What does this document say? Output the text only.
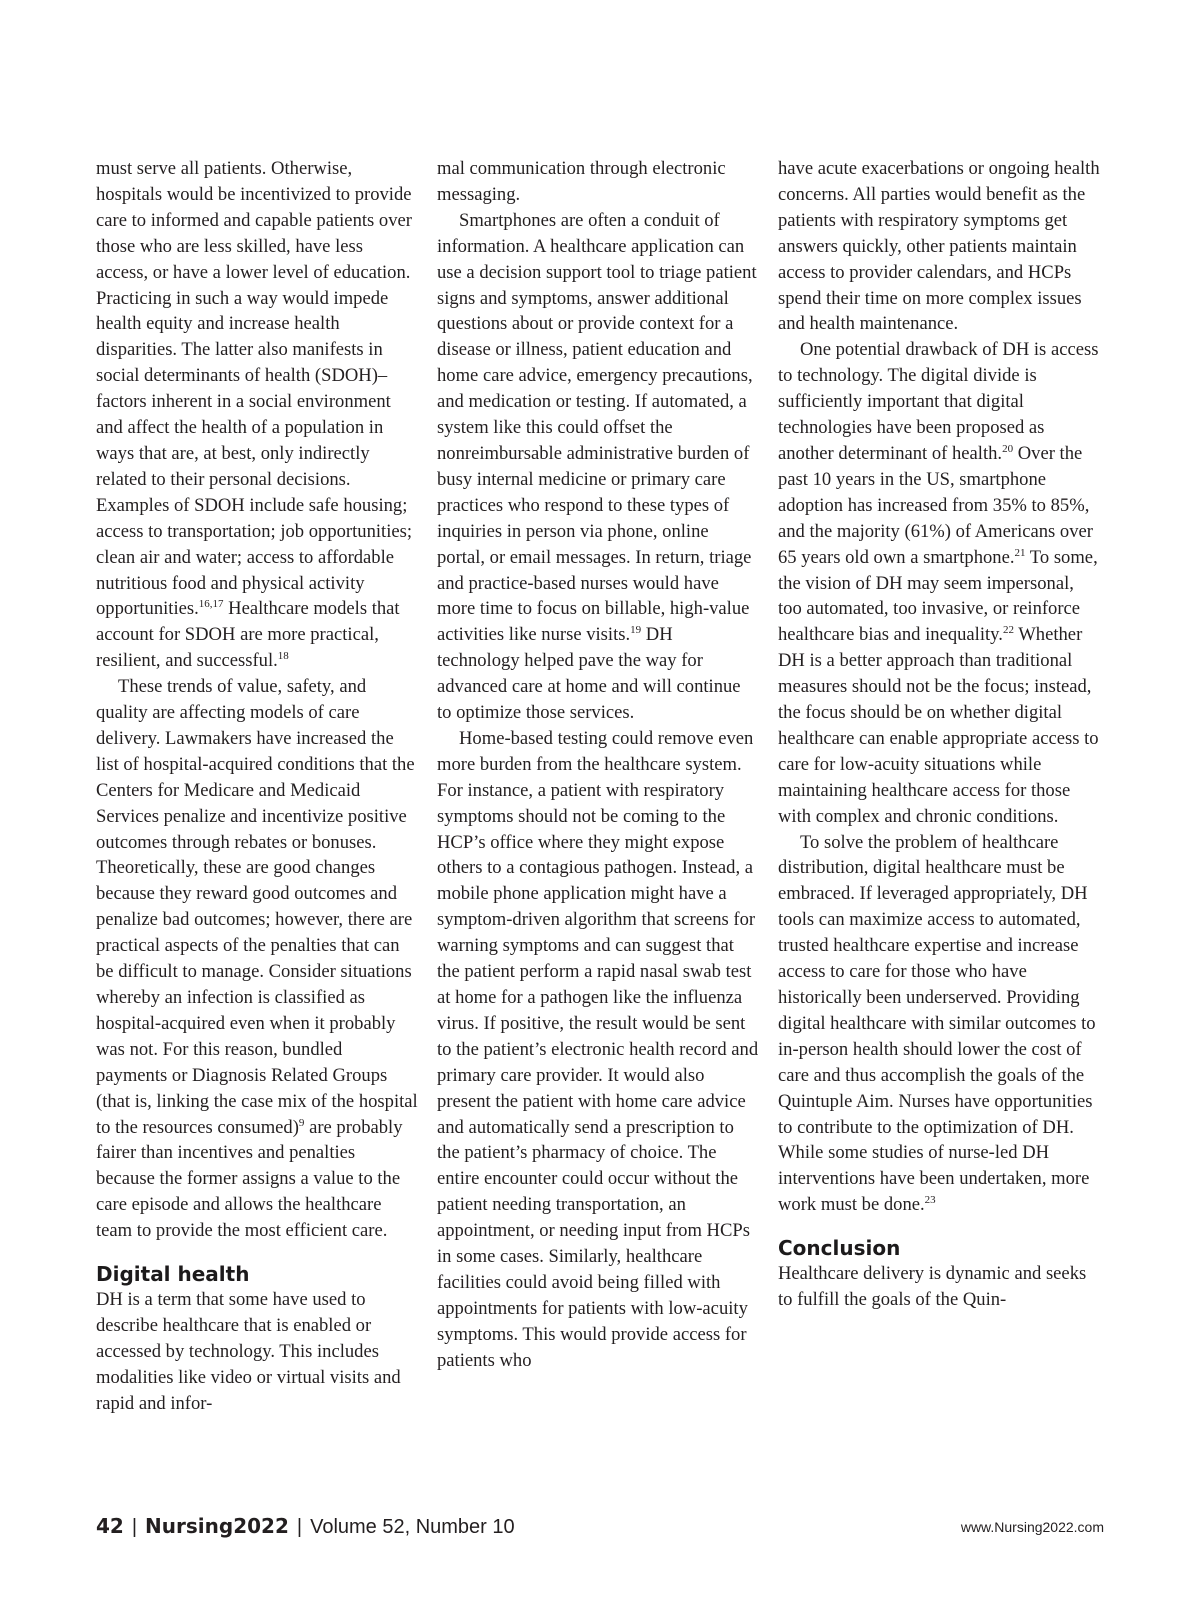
must serve all patients. Otherwise, hospitals would be incentivized to provide care to informed and capable patients over those who are less skilled, have less access, or have a lower level of education. Practicing in such a way would impede health equity and increase health disparities. The latter also manifests in social determinants of health (SDOH)–factors inherent in a social environment and affect the health of a population in ways that are, at best, only indirectly related to their personal decisions. Examples of SDOH include safe housing; access to transportation; job opportunities; clean air and water; access to affordable nutritious food and physical activity opportunities.$^{16,17}$ Healthcare models that account for SDOH are more practical, resilient, and successful.$^{18}$

These trends of value, safety, and quality are affecting models of care delivery. Lawmakers have increased the list of hospital-acquired conditions that the Centers for Medicare and Medicaid Services penalize and incentivize positive outcomes through rebates or bonuses. Theoretically, these are good changes because they reward good outcomes and penalize bad outcomes; however, there are practical aspects of the penalties that can be difficult to manage. Consider situations whereby an infection is classified as hospital-acquired even when it probably was not. For this reason, bundled payments or Diagnosis Related Groups (that is, linking the case mix of the hospital to the resources consumed)$^9$ are probably fairer than incentives and penalties because the former assigns a value to the care episode and allows the healthcare team to provide the most efficient care.

Digital health

DH is a term that some have used to describe healthcare that is enabled or accessed by technology. This includes modalities like video or virtual visits and rapid and infor-

mal communication through electronic messaging.

Smartphones are often a conduit of information. A healthcare application can use a decision support tool to triage patient signs and symptoms, answer additional questions about or provide context for a disease or illness, patient education and home care advice, emergency precautions, and medication or testing. If automated, a system like this could offset the nonreimbursable administrative burden of busy internal medicine or primary care practices who respond to these types of inquiries in person via phone, online portal, or email messages. In return, triage and practice-based nurses would have more time to focus on billable, high-value activities like nurse visits.$^{19}$ DH technology helped pave the way for advanced care at home and will continue to optimize those services.

Home-based testing could remove even more burden from the healthcare system. For instance, a patient with respiratory symptoms should not be coming to the HCP’s office where they might expose others to a contagious pathogen. Instead, a mobile phone application might have a symptom-driven algorithm that screens for warning symptoms and can suggest that the patient perform a rapid nasal swab test at home for a pathogen like the influenza virus. If positive, the result would be sent to the patient’s electronic health record and primary care provider. It would also present the patient with home care advice and automatically send a prescription to the patient’s pharmacy of choice. The entire encounter could occur without the patient needing transportation, an appointment, or needing input from HCPs in some cases. Similarly, healthcare facilities could avoid being filled with appointments for patients with low-acuity symptoms. This would provide access for patients who

have acute exacerbations or ongoing health concerns. All parties would benefit as the patients with respiratory symptoms get answers quickly, other patients maintain access to provider calendars, and HCPs spend their time on more complex issues and health maintenance.

One potential drawback of DH is access to technology. The digital divide is sufficiently important that digital technologies have been proposed as another determinant of health.$^{20}$ Over the past 10 years in the US, smartphone adoption has increased from 35% to 85%, and the majority (61%) of Americans over 65 years old own a smartphone.$^{21}$ To some, the vision of DH may seem impersonal, too automated, too invasive, or reinforce healthcare bias and inequality.$^{22}$ Whether DH is a better approach than traditional measures should not be the focus; instead, the focus should be on whether digital healthcare can enable appropriate access to care for low-acuity situations while maintaining healthcare access for those with complex and chronic conditions.

To solve the problem of healthcare distribution, digital healthcare must be embraced. If leveraged appropriately, DH tools can maximize access to automated, trusted healthcare expertise and increase access to care for those who have historically been underserved. Providing digital healthcare with similar outcomes to in-person health should lower the cost of care and thus accomplish the goals of the Quintuple Aim. Nurses have opportunities to contribute to the optimization of DH. While some studies of nurse-led DH interventions have been undertaken, more work must be done.$^{23}$

Conclusion

Healthcare delivery is dynamic and seeks to fulfill the goals of the Quin-

42 | Nursing2022 | Volume 52, Number 10	www.Nursing2022.com
